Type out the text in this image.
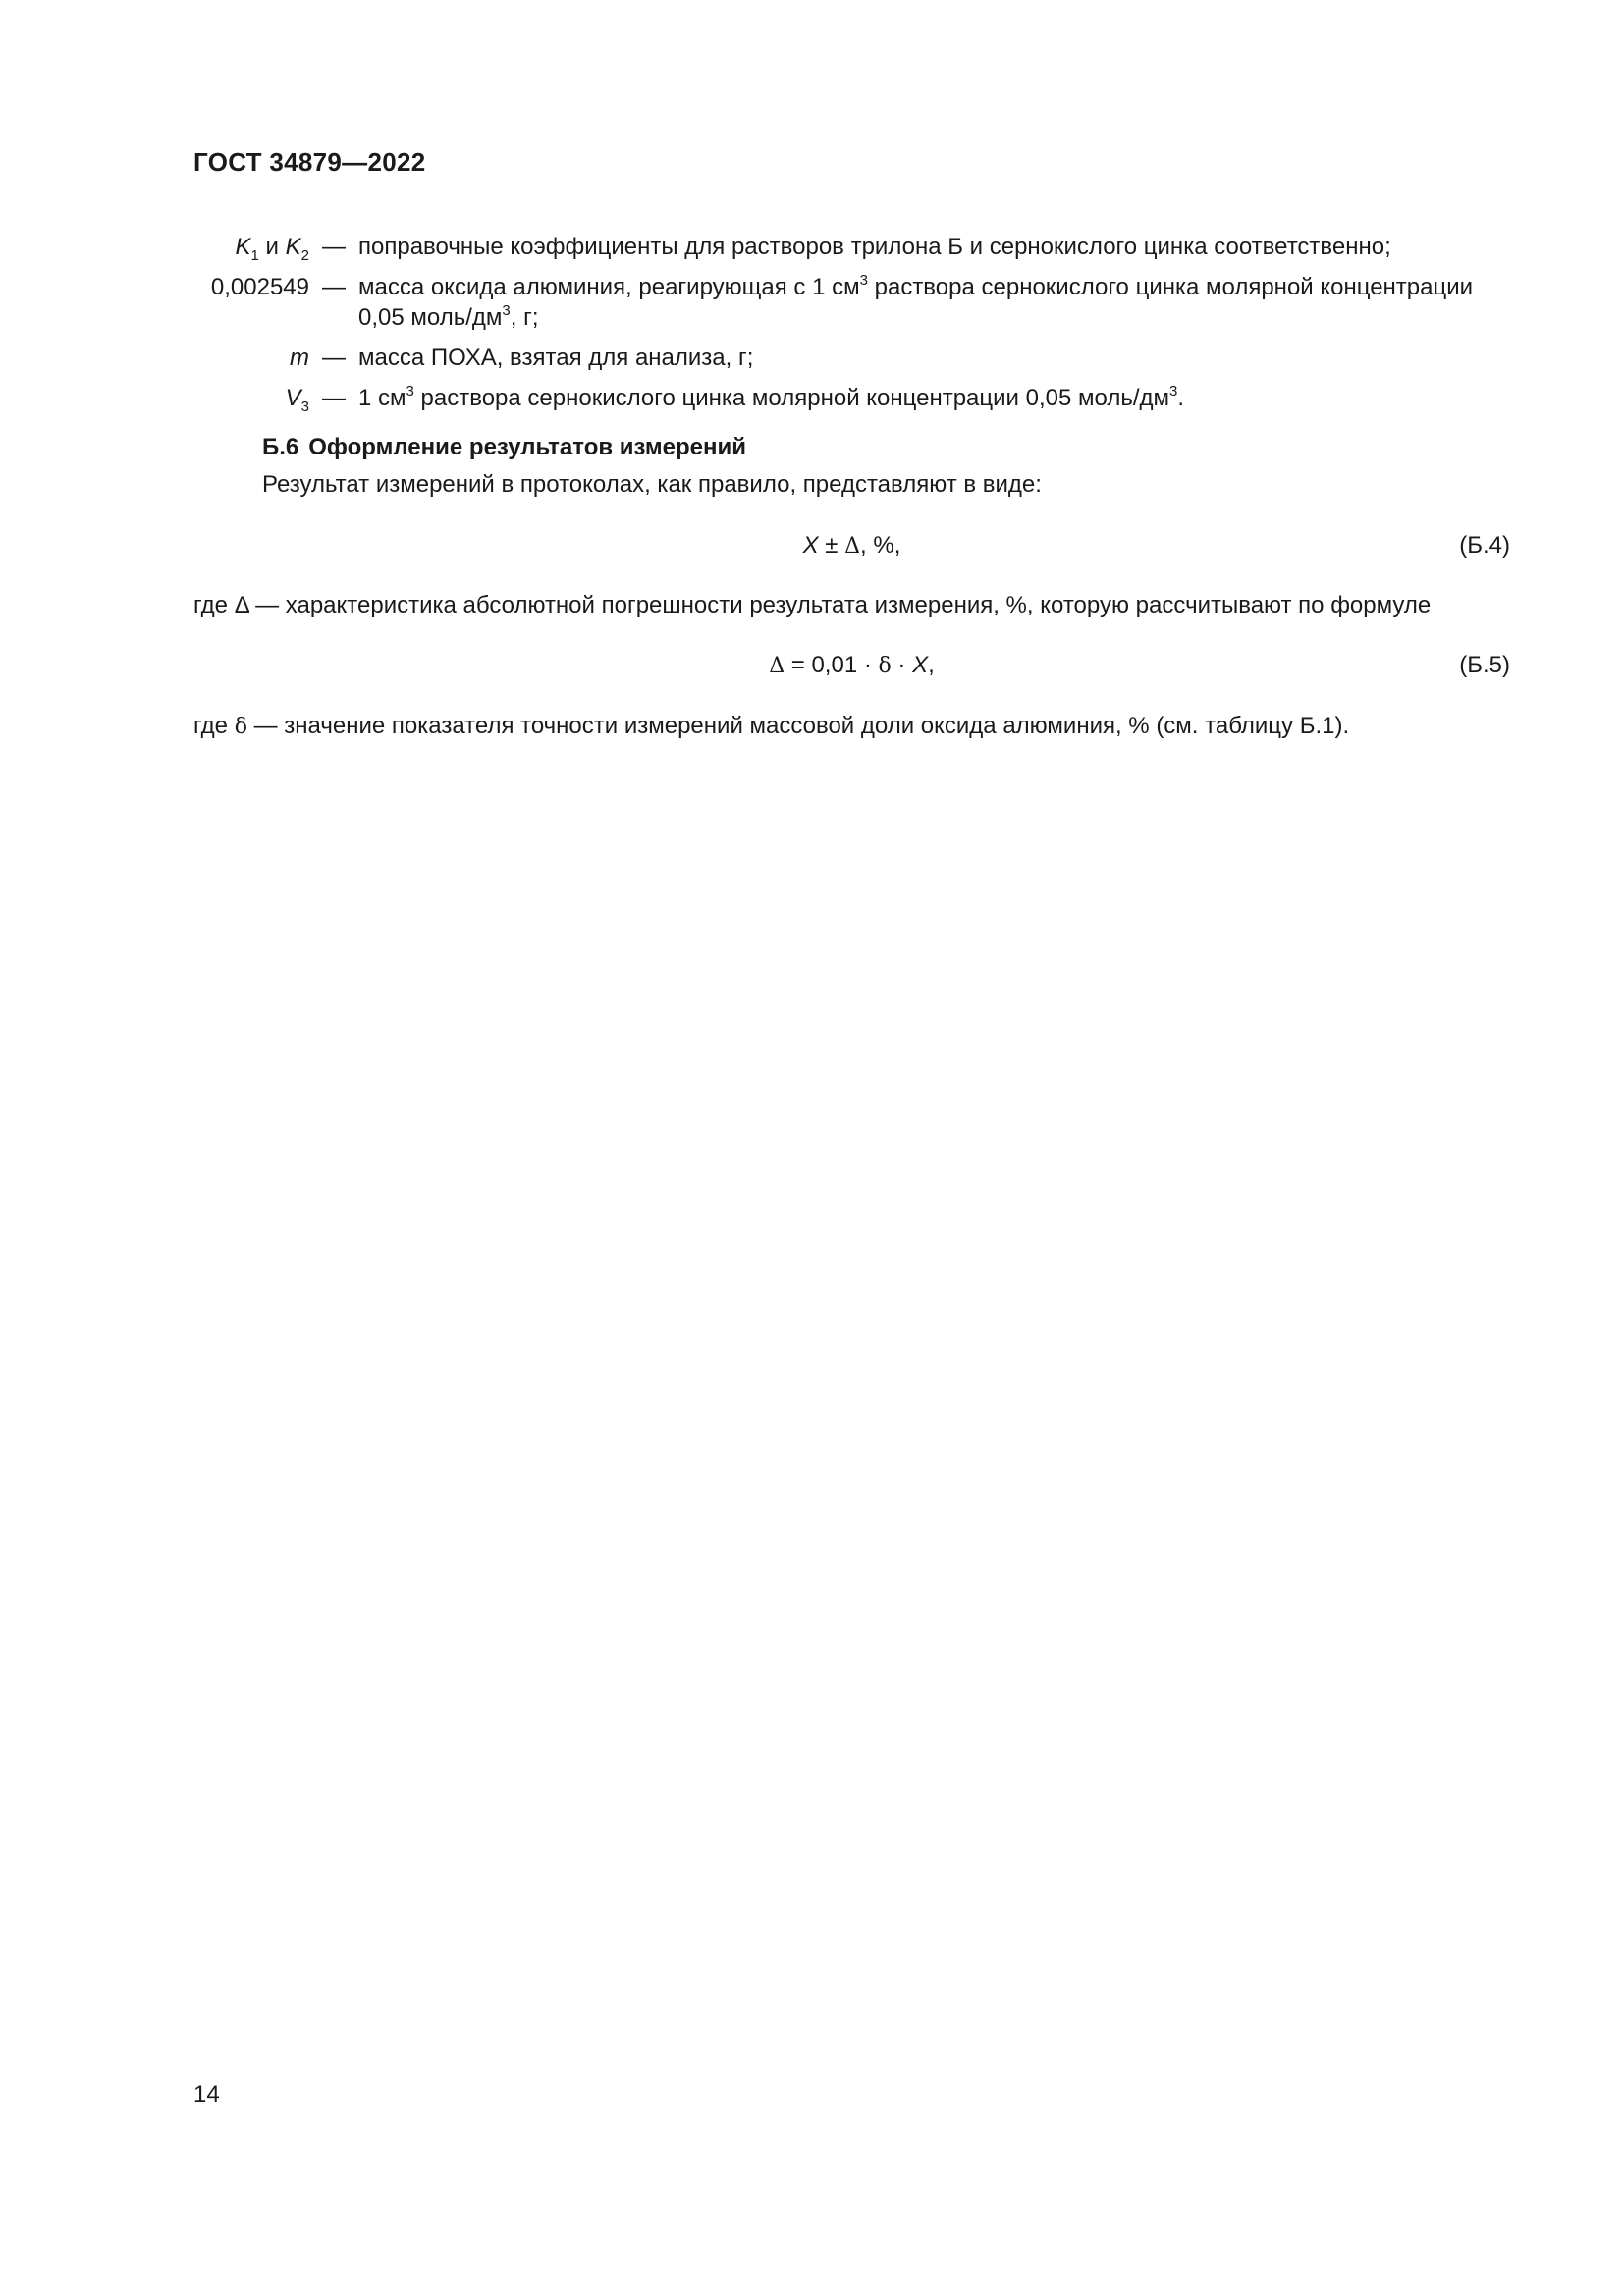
ГОСТ 34879—2022
$K_1$ и $K_2$ — поправочные коэффициенты для растворов трилона Б и сернокислого цинка соответственно;
0,002549 — масса оксида алюминия, реагирующая с 1 $см^3$ раствора сернокислого цинка молярной концентрации
0,05 моль/$дм^3$, г;
m — масса ПОХА, взятая для анализа, г;
$V_3$ — 1 $см^3$ раствора сернокислого цинка молярной концентрации 0,05 моль/$дм^3$.
Б.6 Оформление результатов измерений
Результат измерений в протоколах, как правило, представляют в виде:
X ± Δ, %,	(Б.4)
где Δ — характеристика абсолютной погрешности результата измерения, %, которую рассчитывают по формуле
Δ = 0,01 · δ · X,	(Б.5)
где δ — значение показателя точности измерений массовой доли оксида алюминия, % (см. таблицу Б.1).
14
